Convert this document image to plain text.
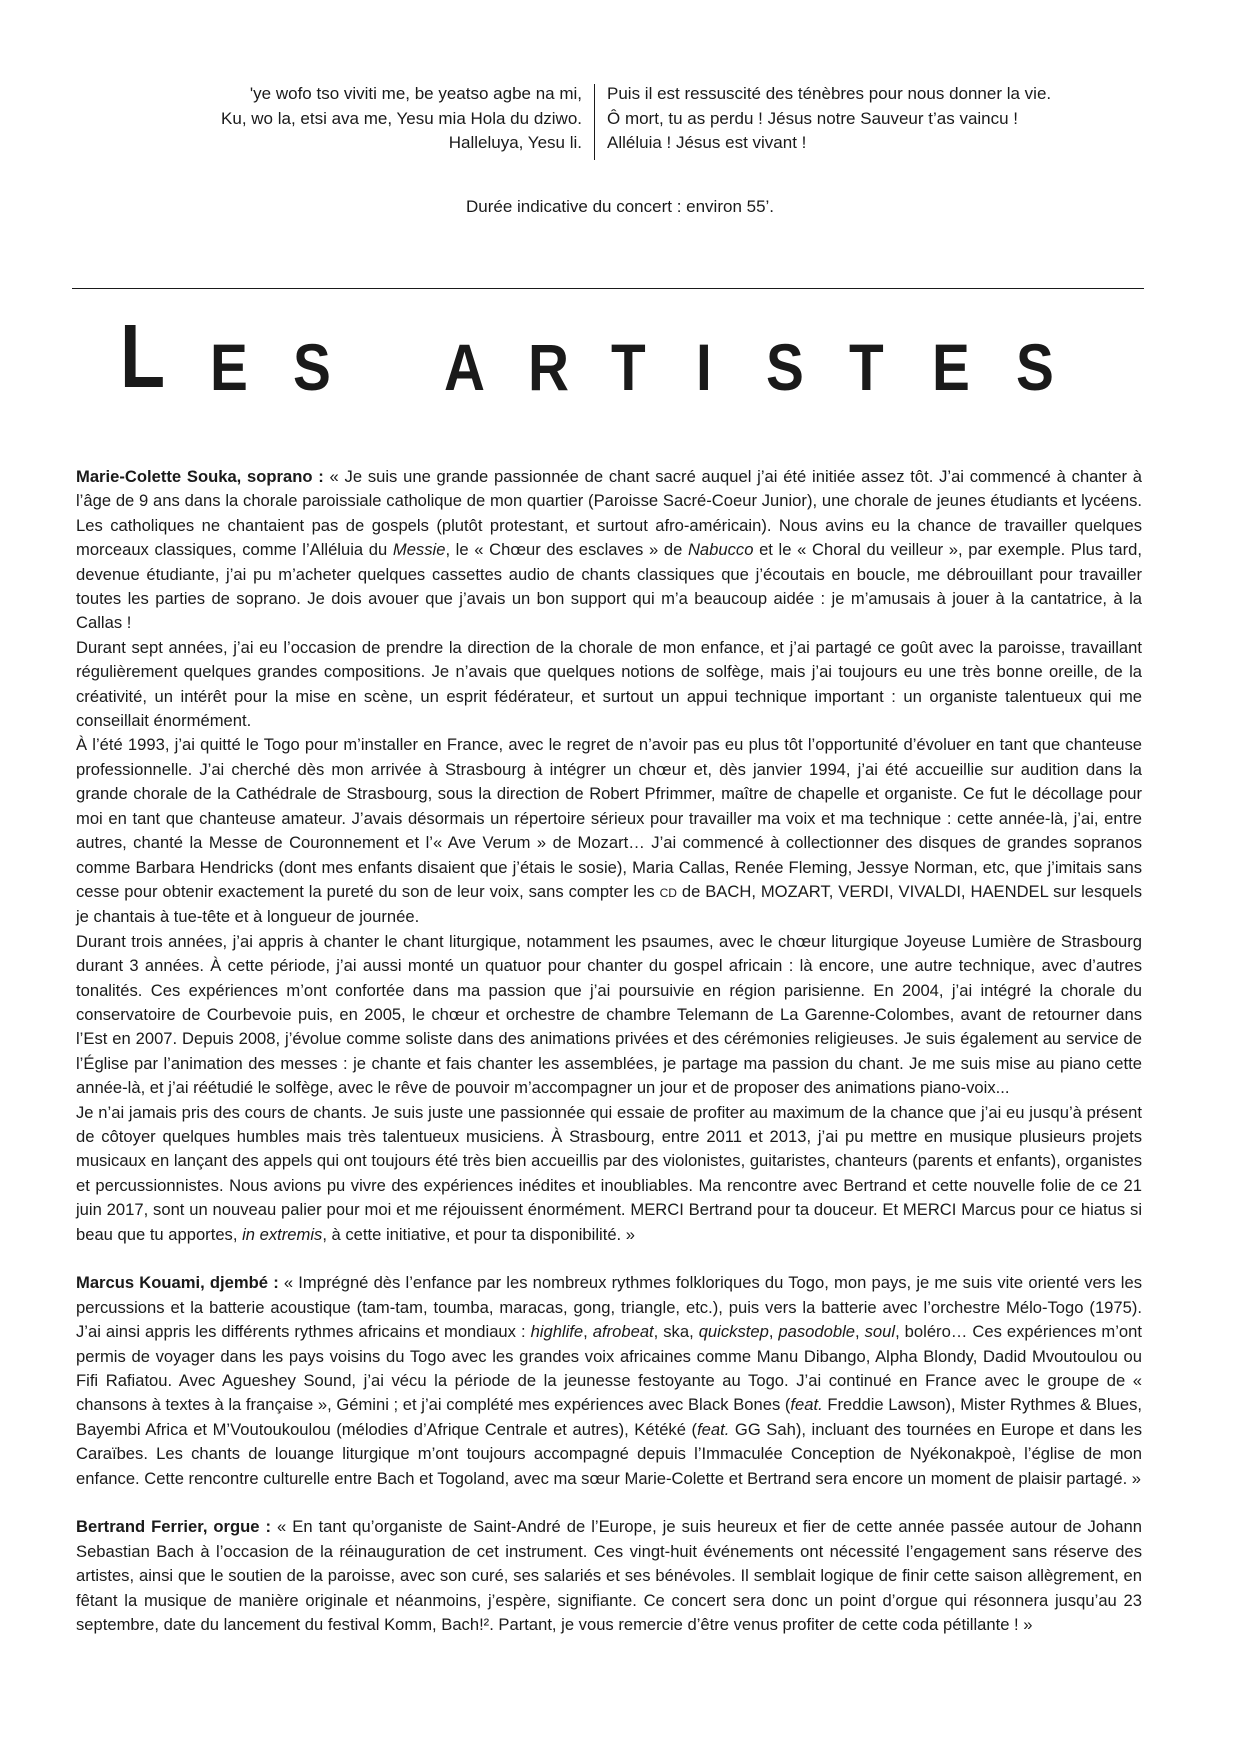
'ye wofo tso viviti me, be yeatso agbe na mi,
Ku, wo la, etsi ava me, Yesu mia Hola du dziwo.
Halleluya, Yesu li.
Puis il est ressuscité des ténèbres pour nous donner la vie.
Ô mort, tu as perdu ! Jésus notre Sauveur t’as vaincu !
Alléluia ! Jésus est vivant !
Durée indicative du concert : environ 55’.
L E S A R T I S T E S

Marie-Colette Souka, soprano : « Je suis une grande passionnée de chant sacré auquel j’ai été initiée assez tôt. J’ai commencé à chanter à l’âge de 9 ans dans la chorale paroissiale catholique de mon quartier (Paroisse Sacré-Coeur Junior), une chorale de jeunes étudiants et lycéens. Les catholiques ne chantaient pas de gospels (plutôt protestant, et surtout afro-américain). Nous avins eu la chance de travailler quelques morceaux classiques, comme l’Alléluia du Messie, le « Chœur des esclaves » de Nabucco et le « Choral du veilleur », par exemple. Plus tard, devenue étudiante, j’ai pu m’acheter quelques cassettes audio de chants classiques que j’écoutais en boucle, me débrouillant pour travailler toutes les parties de soprano. Je dois avouer que j’avais un bon support qui m’a beaucoup aidée : je m’amusais à jouer à la cantatrice, à la Callas !

Durant sept années, j’ai eu l’occasion de prendre la direction de la chorale de mon enfance, et j’ai partagé ce goût avec la paroisse, travaillant régulièrement quelques grandes compositions. Je n’avais que quelques notions de solfège, mais j’ai toujours eu une très bonne oreille, de la créativité, un intérêt pour la mise en scène, un esprit fédérateur, et surtout un appui technique important : un organiste talentueux qui me conseillait énormément.

À l’été 1993, j’ai quitté le Togo pour m’installer en France, avec le regret de n’avoir pas eu plus tôt l’opportunité d’évoluer en tant que chanteuse professionnelle. J’ai cherché dès mon arrivée à Strasbourg à intégrer un chœur et, dès janvier 1994, j’ai été accueillie sur audition dans la grande chorale de la Cathédrale de Strasbourg, sous la direction de Robert Pfrimmer, maître de chapelle et organiste. Ce fut le décollage pour moi en tant que chanteuse amateur. J’avais désormais un répertoire sérieux pour travailler ma voix et ma technique : cette année-là, j’ai, entre autres, chanté la Messe de Couronnement et l’« Ave Verum » de Mozart… J’ai commencé à collectionner des disques de grandes sopranos comme Barbara Hendricks (dont mes enfants disaient que j’étais le sosie), Maria Callas, Renée Fleming, Jessye Norman, etc, que j’imitais sans cesse pour obtenir exactement la pureté du son de leur voix, sans compter les CD de BACH, MOZART, VERDI, VIVALDI, HAENDEL sur lesquels je chantais à tue-tête et à longueur de journée.

Durant trois années, j’ai appris à chanter le chant liturgique, notamment les psaumes, avec le chœur liturgique Joyeuse Lumière de Strasbourg durant 3 années. À cette période, j’ai aussi monté un quatuor pour chanter du gospel africain : là encore, une autre technique, avec d’autres tonalités. Ces expériences m’ont confortée dans ma passion que j’ai poursuivie en région parisienne. En 2004, j’ai intégré la chorale du conservatoire de Courbevoie puis, en 2005, le chœur et orchestre de chambre Telemann de La Garenne-Colombes, avant de retourner dans l’Est en 2007. Depuis 2008, j’évolue comme soliste dans des animations privées et des cérémonies religieuses. Je suis également au service de l’Église par l’animation des messes : je chante et fais chanter les assemblées, je partage ma passion du chant. Je me suis mise au piano cette année-là, et j’ai réétudié le solfège, avec le rêve de pouvoir m’accompagner un jour et de proposer des animations piano-voix...

Je n’ai jamais pris des cours de chants. Je suis juste une passionnée qui essaie de profiter au maximum de la chance que j’ai eu jusqu’à présent de côtoyer quelques humbles mais très talentueux musiciens. À Strasbourg, entre 2011 et 2013, j’ai pu mettre en musique plusieurs projets musicaux en lançant des appels qui ont toujours été très bien accueillis par des violonistes, guitaristes, chanteurs (parents et enfants), organistes et percussionnistes. Nous avions pu vivre des expériences inédites et inoubliables. Ma rencontre avec Bertrand et cette nouvelle folie de ce 21 juin 2017, sont un nouveau palier pour moi et me réjouissent énormément. MERCI Bertrand pour ta douceur. Et MERCI Marcus pour ce hiatus si beau que tu apportes, in extremis, à cette initiative, et pour ta disponibilité. »

Marcus Kouami, djembé : « Imprégné dès l’enfance par les nombreux rythmes folkloriques du Togo, mon pays, je me suis vite orienté vers les percussions et la batterie acoustique (tam-tam, toumba, maracas, gong, triangle, etc.), puis vers la batterie avec l’orchestre Mélo-Togo (1975). J’ai ainsi appris les différents rythmes africains et mondiaux : highlife, afrobeat, ska, quickstep, pasodoble, soul, boléro… Ces expériences m’ont permis de voyager dans les pays voisins du Togo avec les grandes voix africaines comme Manu Dibango, Alpha Blondy, Dadid Mvoutoulou ou Fifi Rafiatou. Avec Agueshey Sound, j’ai vécu la période de la jeunesse festoyante au Togo. J’ai continué en France avec le groupe de « chansons à textes à la française », Gémini ; et j’ai complété mes expériences avec Black Bones (feat. Freddie Lawson), Mister Rythmes & Blues, Bayembi Africa et M’Voutoukoulou (mélodies d’Afrique Centrale et autres), Kétéké (feat. GG Sah), incluant des tournées en Europe et dans les Caraïbes. Les chants de louange liturgique m’ont toujours accompagné depuis l’Immaculée Conception de Nyékonakpoè, l’église de mon enfance. Cette rencontre culturelle entre Bach et Togoland, avec ma sœur Marie-Colette et Bertrand sera encore un moment de plaisir partagé. »

Bertrand Ferrier, orgue : « En tant qu’organiste de Saint-André de l’Europe, je suis heureux et fier de cette année passée autour de Johann Sebastian Bach à l’occasion de la réinauguration de cet instrument. Ces vingt-huit événements ont nécessité l’engagement sans réserve des artistes, ainsi que le soutien de la paroisse, avec son curé, ses salariés et ses bénévoles. Il semblait logique de finir cette saison allègrement, en fêtant la musique de manière originale et néanmoins, j’espère, signifiante. Ce concert sera donc un point d’orgue qui résonnera jusqu’au 23 septembre, date du lancement du festival Komm, Bach!². Partant, je vous remercie d’être venus profiter de cette coda pétillante ! »
